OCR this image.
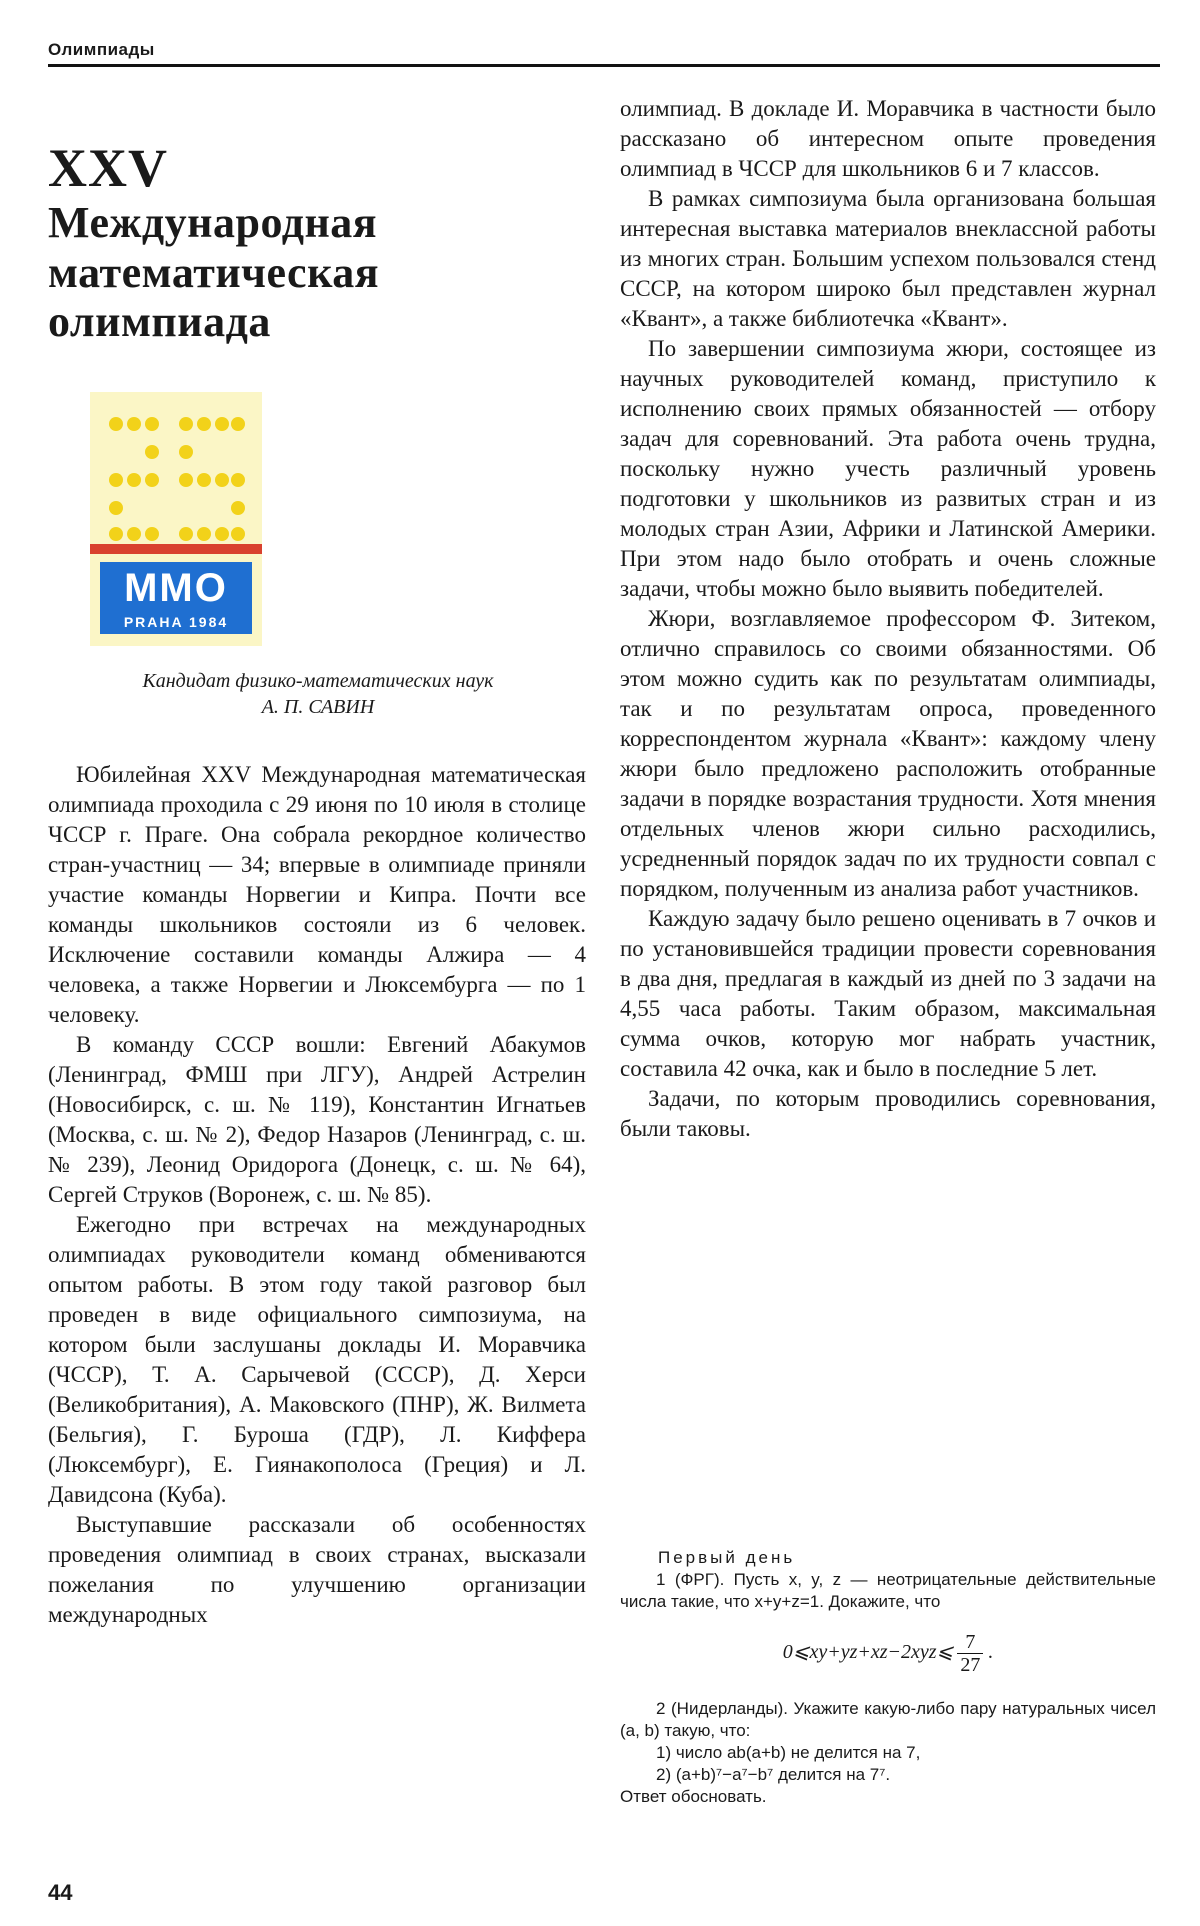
Олимпиады
XXV
Международная
математическая
олимпиада
MMO
PRAHA 1984
Кандидат физико-математических наук
А. П. САВИН

Юбилейная XXV Международная математическая олимпиада проходила с 29 июня по 10 июля в столице ЧССР г. Праге. Она собрала рекордное количество стран-участниц — 34; впервые в олимпиаде приняли участие команды Норвегии и Кипра. Почти все команды школьников состояли из 6 человек. Исключение составили команды Алжира — 4 человека, а также Норвегии и Люксембурга — по 1 человеку.

В команду СССР вошли: Евгений Абакумов (Ленинград, ФМШ при ЛГУ), Андрей Астрелин (Новосибирск, с. ш. № 119), Константин Игнатьев (Москва, с. ш. № 2), Федор Назаров (Ленинград, с. ш. № 239), Леонид Оридорога (Донецк, с. ш. № 64), Сергей Струков (Воронеж, с. ш. № 85).

Ежегодно при встречах на международных олимпиадах руководители команд обмениваются опытом работы. В этом году такой разговор был проведен в виде официального симпозиума, на котором были заслушаны доклады И. Моравчика (ЧССР), Т. А. Сарычевой (СССР), Д. Херси (Великобритания), А. Маковского (ПНР), Ж. Вилмета (Бельгия), Г. Буроша (ГДР), Л. Киффера (Люксембург), Е. Гиянакополоса (Греция) и Л. Давидсона (Куба).

Выступавшие рассказали об особенностях проведения олимпиад в своих странах, высказали пожелания по улучшению организации международных

олимпиад. В докладе И. Моравчика в частности было рассказано об интересном опыте проведения олимпиад в ЧССР для школьников 6 и 7 классов.

В рамках симпозиума была организована большая интересная выставка материалов внеклассной работы из многих стран. Большим успехом пользовался стенд СССР, на котором широко был представлен журнал «Квант», а также библиотечка «Квант».

По завершении симпозиума жюри, состоящее из научных руководителей команд, приступило к исполнению своих прямых обязанностей — отбору задач для соревнований. Эта работа очень трудна, поскольку нужно учесть различный уровень подготовки у школьников из развитых стран и из молодых стран Азии, Африки и Латинской Америки. При этом надо было отобрать и очень сложные задачи, чтобы можно было выявить победителей.

Жюри, возглавляемое профессором Ф. Зитеком, отлично справилось со своими обязанностями. Об этом можно судить как по результатам олимпиады, так и по результатам опроса, проведенного корреспондентом журнала «Квант»: каждому члену жюри было предложено расположить отобранные задачи в порядке возрастания трудности. Хотя мнения отдельных членов жюри сильно расходились, усредненный порядок задач по их трудности совпал с порядком, полученным из анализа работ участников.

Каждую задачу было решено оценивать в 7 очков и по установившейся традиции провести соревнования в два дня, предлагая в каждый из дней по 3 задачи на 4,55 часа работы. Таким образом, максимальная сумма очков, которую мог набрать участник, составила 42 очка, как и было в последние 5 лет.

Задачи, по которым проводились соревнования, были таковы.

Первый день

1 (ФРГ). Пусть x, y, z — неотрицательные действительные числа такие, что x+y+z=1. Докажите, что

0⩽xy+yz+xz−2xyz⩽ $\frac{7}{27}$ .

2 (Нидерланды). Укажите какую-либо пару натуральных чисел (a, b) такую, что:

1) число ab(a+b) не делится на 7,

2) (a+b)⁷−a⁷−b⁷ делится на 7⁷.

Ответ обосновать.

44
